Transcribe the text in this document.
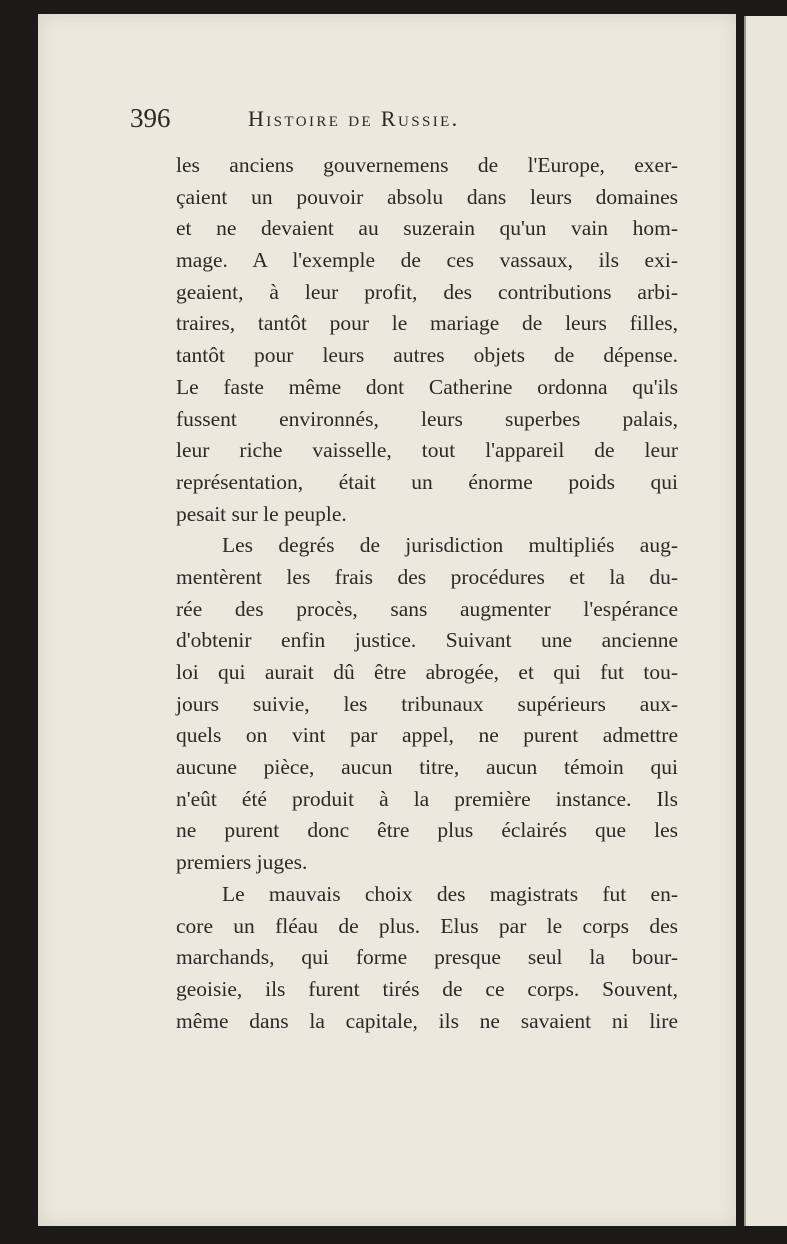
396	Histoire de Russie.
les anciens gouvernemens de l'Europe, exer-
çaient un pouvoir absolu dans leurs domaines
et ne devaient au suzerain qu'un vain hom-
mage. A l'exemple de ces vassaux, ils exi-
geaient, à leur profit, des contributions arbi-
traires, tantôt pour le mariage de leurs filles,
tantôt pour leurs autres objets de dépense.
Le faste même dont Catherine ordonna qu'ils
fussent environnés, leurs superbes palais,
leur riche vaisselle, tout l'appareil de leur
représentation, était un énorme poids qui
pesait sur le peuple.
Les degrés de jurisdiction multipliés aug-
mentèrent les frais des procédures et la du-
rée des procès, sans augmenter l'espérance
d'obtenir enfin justice. Suivant une ancienne
loi qui aurait dû être abrogée, et qui fut tou-
jours suivie, les tribunaux supérieurs aux-
quels on vint par appel, ne purent admettre
aucune pièce, aucun titre, aucun témoin qui
n'eût été produit à la première instance. Ils
ne purent donc être plus éclairés que les
premiers juges.
Le mauvais choix des magistrats fut en-
core un fléau de plus. Elus par le corps des
marchands, qui forme presque seul la bour-
geoisie, ils furent tirés de ce corps. Souvent,
même dans la capitale, ils ne savaient ni lire
